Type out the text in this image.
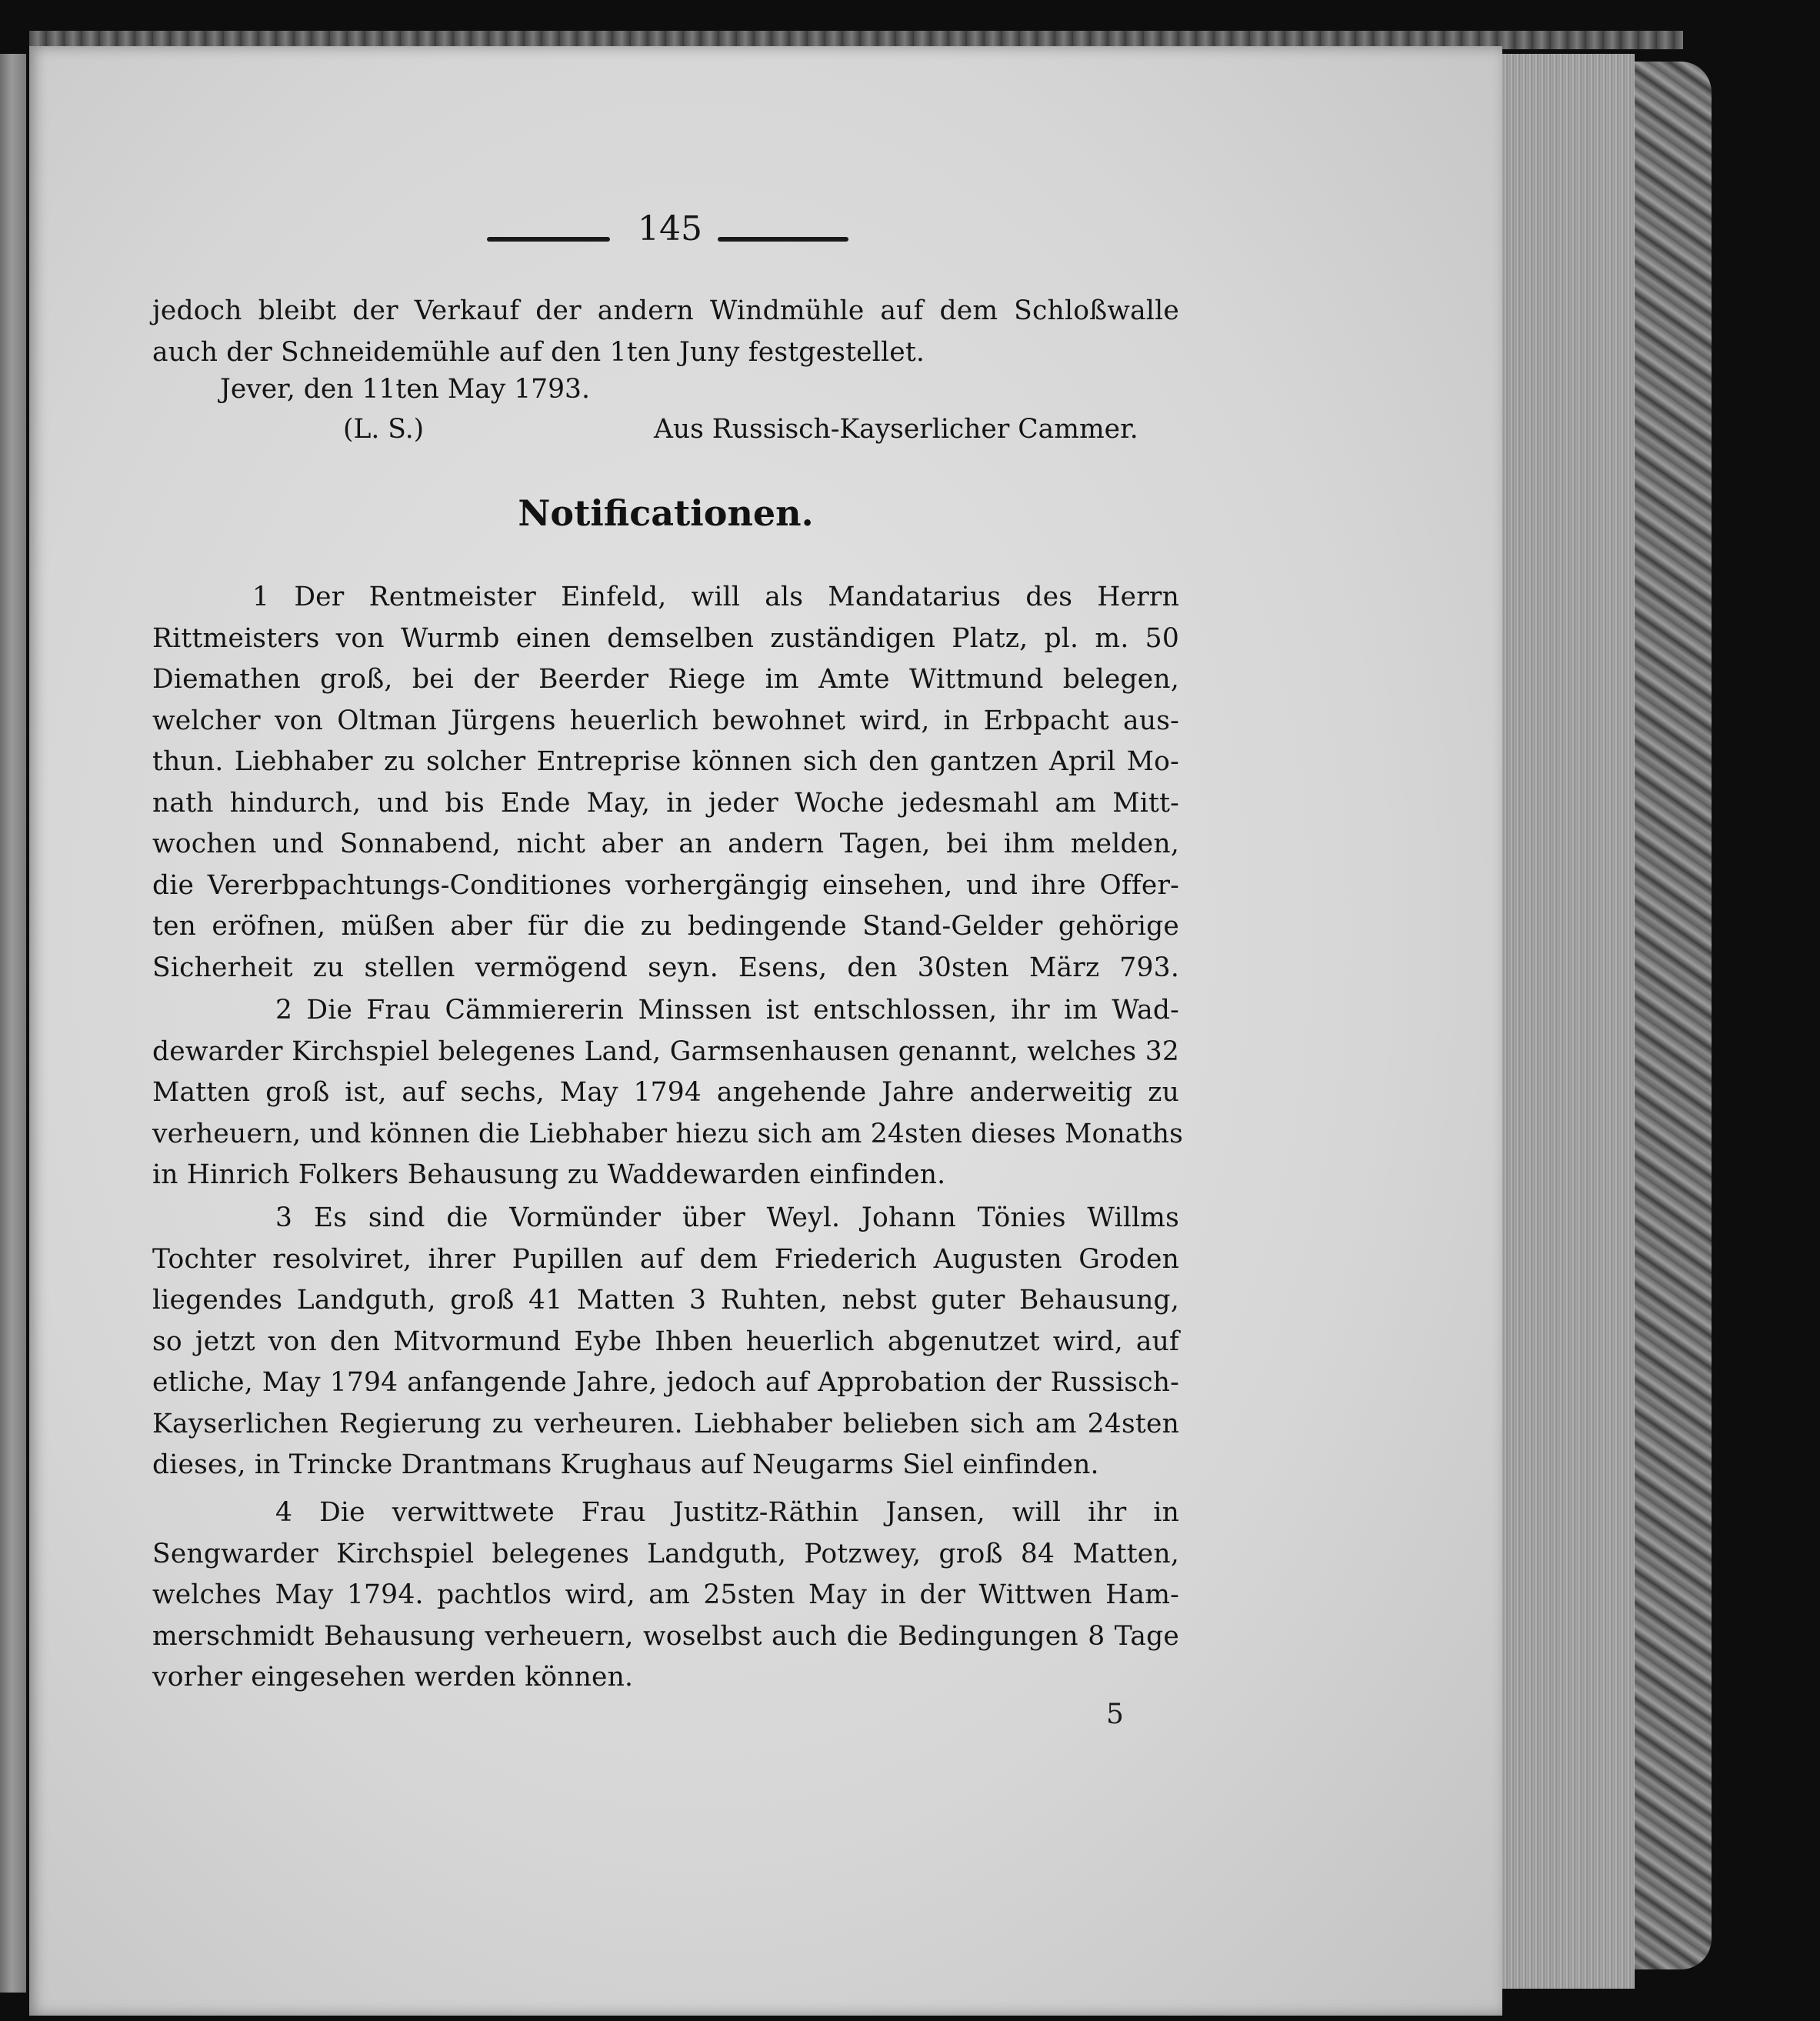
145
jedoch bleibt der Verkauf der andern Windmühle auf dem Schloßwalle
auch der Schneidemühle auf den 1ten Juny festgestellet.
Jever, den 11ten May 1793.
(L. S.)	Aus Russisch-Kayserlicher Cammer.
Notificationen.
1 Der Rentmeister Einfeld, will als Mandatarius des Herrn
Rittmeisters von Wurmb einen demselben zuständigen Platz, pl. m. 50
Diemathen groß, bei der Beerder Riege im Amte Wittmund belegen,
welcher von Oltman Jürgens heuerlich bewohnet wird, in Erbpacht aus-
thun. Liebhaber zu solcher Entreprise können sich den gantzen April Mo-
nath hindurch, und bis Ende May, in jeder Woche jedesmahl am Mitt-
wochen und Sonnabend, nicht aber an andern Tagen, bei ihm melden,
die Vererbpachtungs-Conditiones vorhergängig einsehen, und ihre Offer-
ten eröfnen, müßen aber für die zu bedingende Stand-Gelder gehörige
Sicherheit zu stellen vermögend seyn. Esens, den 30sten März 793.
2 Die Frau Cämmiererin Minssen ist entschlossen, ihr im Wad-
dewarder Kirchspiel belegenes Land, Garmsenhausen genannt, welches 32
Matten groß ist, auf sechs, May 1794 angehende Jahre anderweitig zu
verheuern, und können die Liebhaber hiezu sich am 24sten dieses Monaths
in Hinrich Folkers Behausung zu Waddewarden einfinden.
3 Es sind die Vormünder über Weyl. Johann Tönies Willms
Tochter resolviret, ihrer Pupillen auf dem Friederich Augusten Groden
liegendes Landguth, groß 41 Matten 3 Ruhten, nebst guter Behausung,
so jetzt von den Mitvormund Eybe Ihben heuerlich abgenutzet wird, auf
etliche, May 1794 anfangende Jahre, jedoch auf Approbation der Russisch-
Kayserlichen Regierung zu verheuren. Liebhaber belieben sich am 24sten
dieses, in Trincke Drantmans Krughaus auf Neugarms Siel einfinden.
4 Die verwittwete Frau Justitz-Räthin Jansen, will ihr in
Sengwarder Kirchspiel belegenes Landguth, Potzwey, groß 84 Matten,
welches May 1794. pachtlos wird, am 25sten May in der Wittwen Ham-
merschmidt Behausung verheuern, woselbst auch die Bedingungen 8 Tage
vorher eingesehen werden können.
5
